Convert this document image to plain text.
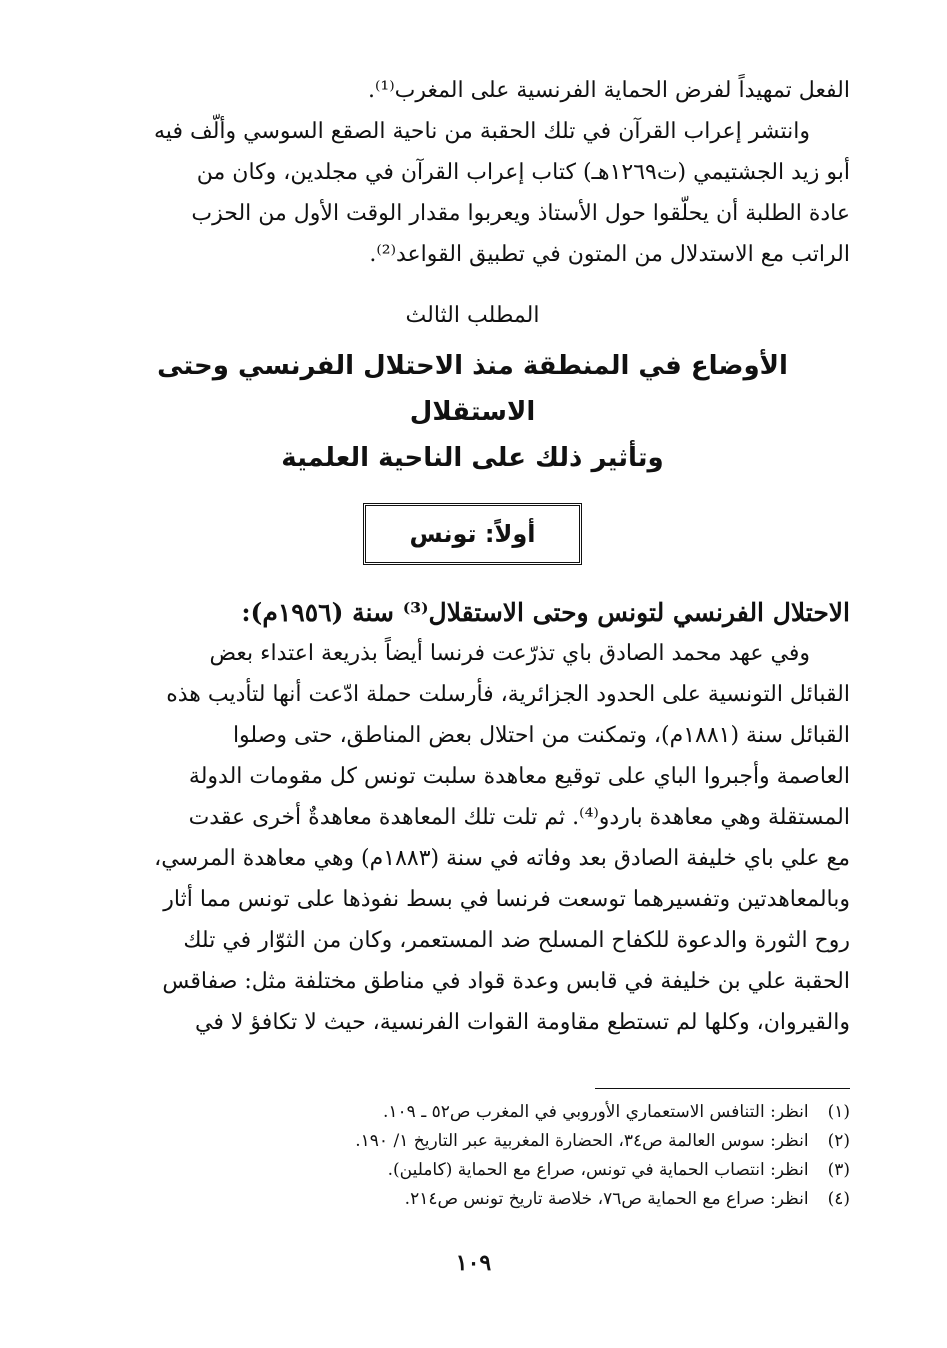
الفعل تمهيداً لفرض الحماية الفرنسية على المغرب⁽¹⁾.

وانتشر إعراب القرآن في تلك الحقبة من ناحية الصقع السوسي وألّف فيه
أبو زيد الجشتيمي (ت١٢٦٩هـ) كتاب إعراب القرآن في مجلدين، وكان من
عادة الطلبة أن يحلّقوا حول الأستاذ ويعربوا مقدار الوقت الأول من الحزب
الراتب مع الاستدلال من المتون في تطبيق القواعد⁽²⁾.

المطلب الثالث
الأوضاع في المنطقة منذ الاحتلال الفرنسي وحتى الاستقلال
وتأثير ذلك على الناحية العلمية
أولاً: تونس
الاحتلال الفرنسي لتونس وحتى الاستقلال⁽³⁾ سنة (١٩٥٦م):

وفي عهد محمد الصادق باي تذرّعت فرنسا أيضاً بذريعة اعتداء بعض
القبائل التونسية على الحدود الجزائرية، فأرسلت حملة ادّعت أنها لتأديب هذه
القبائل سنة (١٨٨١م)، وتمكنت من احتلال بعض المناطق، حتى وصلوا
العاصمة وأجبروا الباي على توقيع معاهدة سلبت تونس كل مقومات الدولة
المستقلة وهي معاهدة باردو⁽⁴⁾. ثم تلت تلك المعاهدة معاهدةٌ أخرى عقدت
مع علي باي خليفة الصادق بعد وفاته في سنة (١٨٨٣م) وهي معاهدة المرسي،
وبالمعاهدتين وتفسيرهما توسعت فرنسا في بسط نفوذها على تونس مما أثار
روح الثورة والدعوة للكفاح المسلح ضد المستعمر، وكان من الثوّار في تلك
الحقبة علي بن خليفة في قابس وعدة قواد في مناطق مختلفة مثل: صفاقس
والقيروان، وكلها لم تستطع مقاومة القوات الفرنسية، حيث لا تكافؤ لا في

(١) انظر: التنافس الاستعماري الأوروبي في المغرب ص٥٢ ـ ١٠٩.
(٢) انظر: سوس العالمة ص٣٤، الحضارة المغربية عبر التاريخ ١/ ١٩٠.
(٣) انظر: انتصاب الحماية في تونس، صراع مع الحماية (كاملين).
(٤) انظر: صراع مع الحماية ص٧٦، خلاصة تاريخ تونس ص٢١٤.
١٠٩
